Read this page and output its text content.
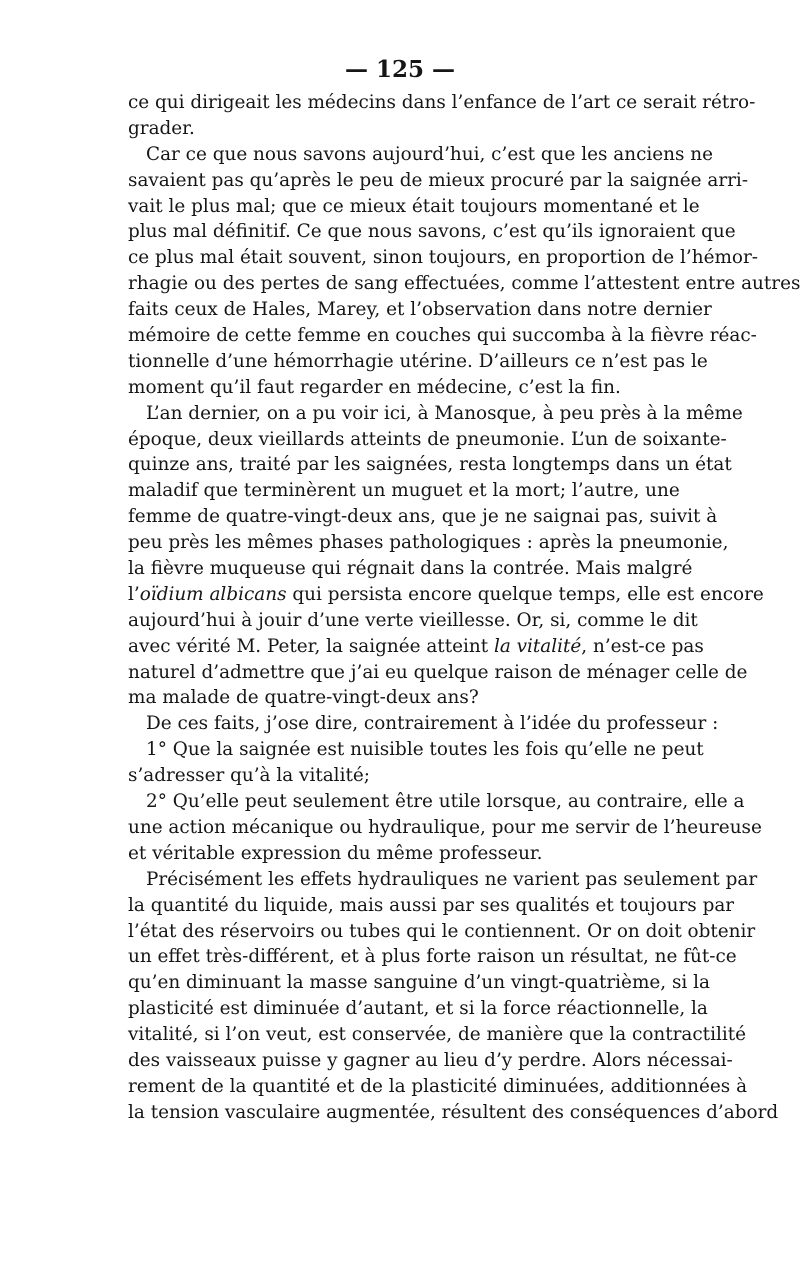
— 125 —
ce qui dirigeait les médecins dans l’enfance de l’art ce serait rétro-
grader.
Car ce que nous savons aujourd’hui, c’est que les anciens ne
savaient pas qu’après le peu de mieux procuré par la saignée arri-
vait le plus mal; que ce mieux était toujours momentané et le
plus mal définitif. Ce que nous savons, c’est qu’ils ignoraient que
ce plus mal était souvent, sinon toujours, en proportion de l’hémor-
rhagie ou des pertes de sang effectuées, comme l’attestent entre autres
faits ceux de Hales, Marey, et l’observation dans notre dernier
mémoire de cette femme en couches qui succomba à la fièvre réac-
tionnelle d’une hémorrhagie utérine. D’ailleurs ce n’est pas le
moment qu’il faut regarder en médecine, c’est la fin.
L’an dernier, on a pu voir ici, à Manosque, à peu près à la même
époque, deux vieillards atteints de pneumonie. L’un de soixante-
quinze ans, traité par les saignées, resta longtemps dans un état
maladif que terminèrent un muguet et la mort; l’autre, une
femme de quatre-vingt-deux ans, que je ne saignai pas, suivit à
peu près les mêmes phases pathologiques : après la pneumonie,
la fièvre muqueuse qui régnait dans la contrée. Mais malgré
l’oïdium albicans qui persista encore quelque temps, elle est encore
aujourd’hui à jouir d’une verte vieillesse. Or, si, comme le dit
avec vérité M. Peter, la saignée atteint la vitalité, n’est-ce pas
naturel d’admettre que j’ai eu quelque raison de ménager celle de
ma malade de quatre-vingt-deux ans?
De ces faits, j’ose dire, contrairement à l’idée du professeur :
1° Que la saignée est nuisible toutes les fois qu’elle ne peut
s’adresser qu’à la vitalité;
2° Qu’elle peut seulement être utile lorsque, au contraire, elle a
une action mécanique ou hydraulique, pour me servir de l’heureuse
et véritable expression du même professeur.
Précisément les effets hydrauliques ne varient pas seulement par
la quantité du liquide, mais aussi par ses qualités et toujours par
l’état des réservoirs ou tubes qui le contiennent. Or on doit obtenir
un effet très-différent, et à plus forte raison un résultat, ne fût-ce
qu’en diminuant la masse sanguine d’un vingt-quatrième, si la
plasticité est diminuée d’autant, et si la force réactionnelle, la
vitalité, si l’on veut, est conservée, de manière que la contractilité
des vaisseaux puisse y gagner au lieu d’y perdre. Alors nécessai-
rement de la quantité et de la plasticité diminuées, additionnées à
la tension vasculaire augmentée, résultent des conséquences d’abord
